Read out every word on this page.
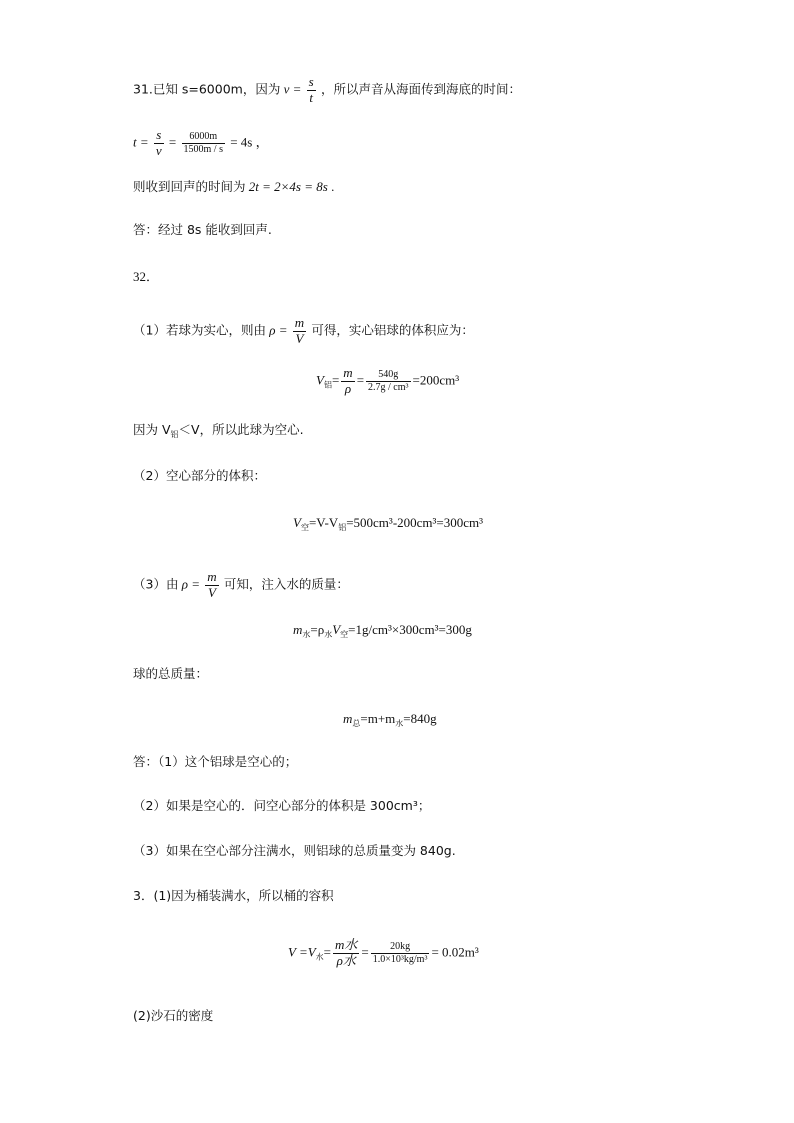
31.已知 s=6000m，因为 $v = \frac{s}{t}$ ，所以声音从海面传到海底的时间：
$t = \frac{s}{v} = \frac{6000m}{1500m / s} = 4s$ ，
则收到回声的时间为 2t = 2×4s = 8s .
答：经过 8s 能收到回声.
32．
（1）若球为实心，则由 $\rho = \frac{m}{V}$ 可得，实心铝球的体积应为：
$V_铝= \frac{m}{\rho} = \frac{540g}{\text{2.7g / cm³}} =200cm^3$
因为 $V_铝<V$，所以此球为空心.
（2）空心部分的体积：
$V_空=V-V_铝=500cm^3-200cm^3=300cm^3$
（3）由 $\rho = \frac{m}{V}$ 可知，注入水的质量：
$m_水=\rho_水V_空=1g/cm^3\times 300cm^3=300g$
球的总质量：
$m_总=m+m_水=840g$
答：（1）这个铝球是空心的；
（2）如果是空心的．问空心部分的体积是 300cm³；
（3）如果在空心部分注满水，则铝球的总质量变为 840g.
3．(1)因为桶装满水，所以桶的容积
$V =V_水= \frac{\text{m水}}{\text{ρ水}} = \frac{20kg}{\text{1.0×10³kg/m³}} = 0.02m^3$
(2)沙石的密度
